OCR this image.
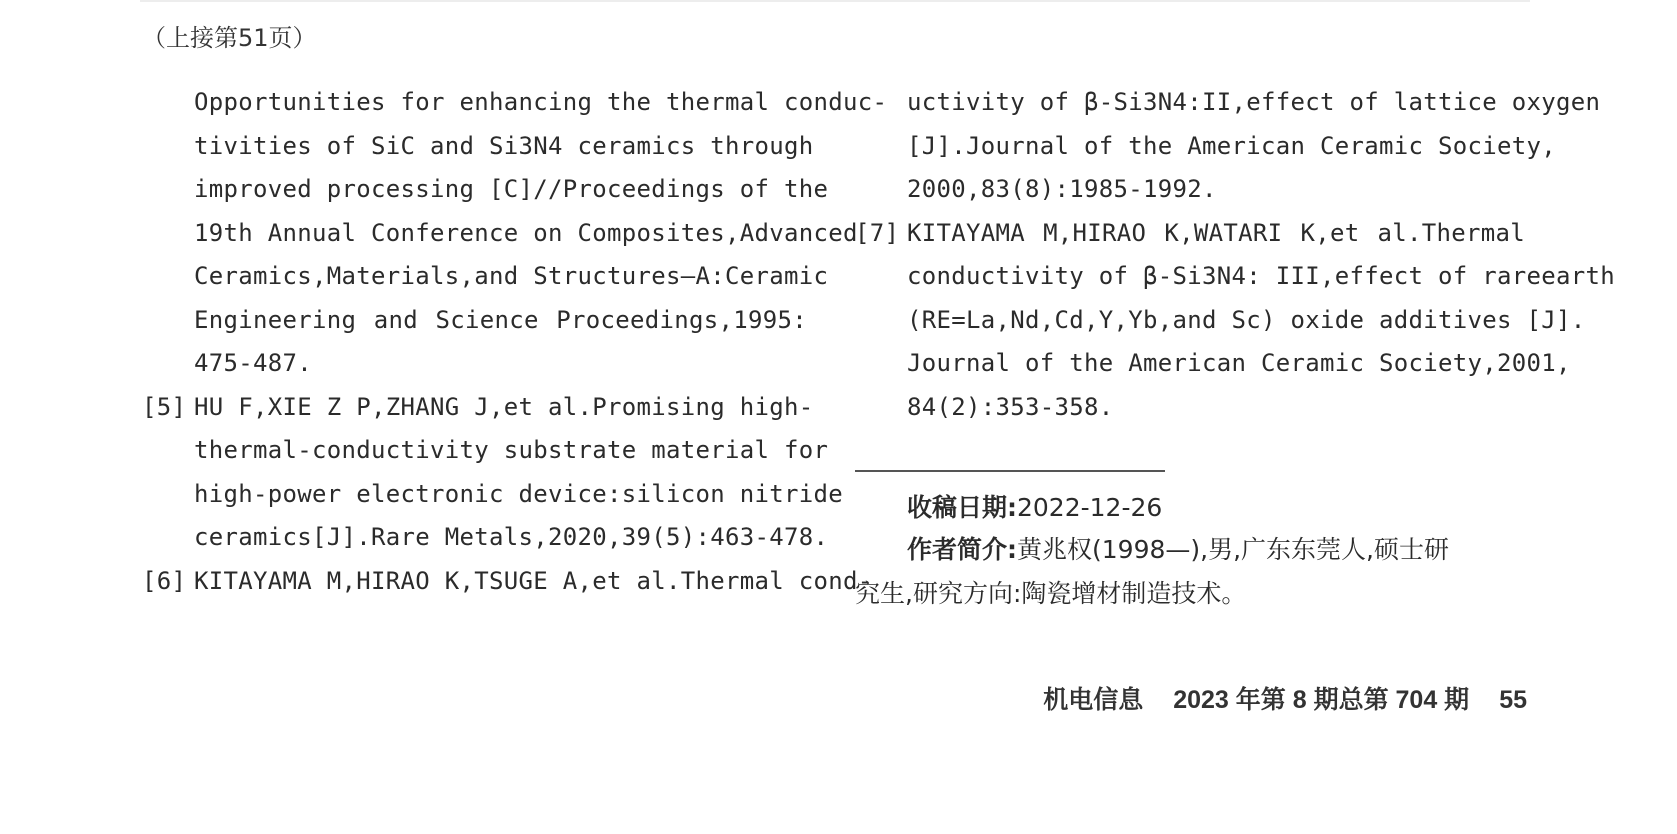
（上接第51页）
Opportunities for enhancing the thermal conduc-
tivities of SiC and Si3N4 ceramics through
improved processing [C]//Proceedings of the
19th Annual Conference on Composites,Advanced
Ceramics,Materials,and Structures—A:Ceramic
Engineering and Science Proceedings,1995:
475-487.
[5] HU F,XIE Z P,ZHANG J,et al.Promising high-
thermal-conductivity substrate material for
high-power electronic device:silicon nitride
ceramics[J].Rare Metals,2020,39(5):463-478.
[6] KITAYAMA M,HIRAO K,TSUGE A,et al.Thermal cond-
uctivity of β-Si3N4:II,effect of lattice oxygen
[J].Journal of the American Ceramic Society,
2000,83(8):1985-1992.
[7] KITAYAMA M,HIRAO K,WATARI K,et al.Thermal
conductivity of β-Si3N4: III,effect of rareearth
(RE=La,Nd,Cd,Y,Yb,and Sc) oxide additives [J].
Journal of the American Ceramic Society,2001,
84(2):353-358.
收稿日期:2022-12-26
作者简介:黄兆权(1998—),男,广东东莞人,硕士研
究生,研究方向:陶瓷增材制造技术。
机电信息 2023 年第 8 期总第 704 期 55
